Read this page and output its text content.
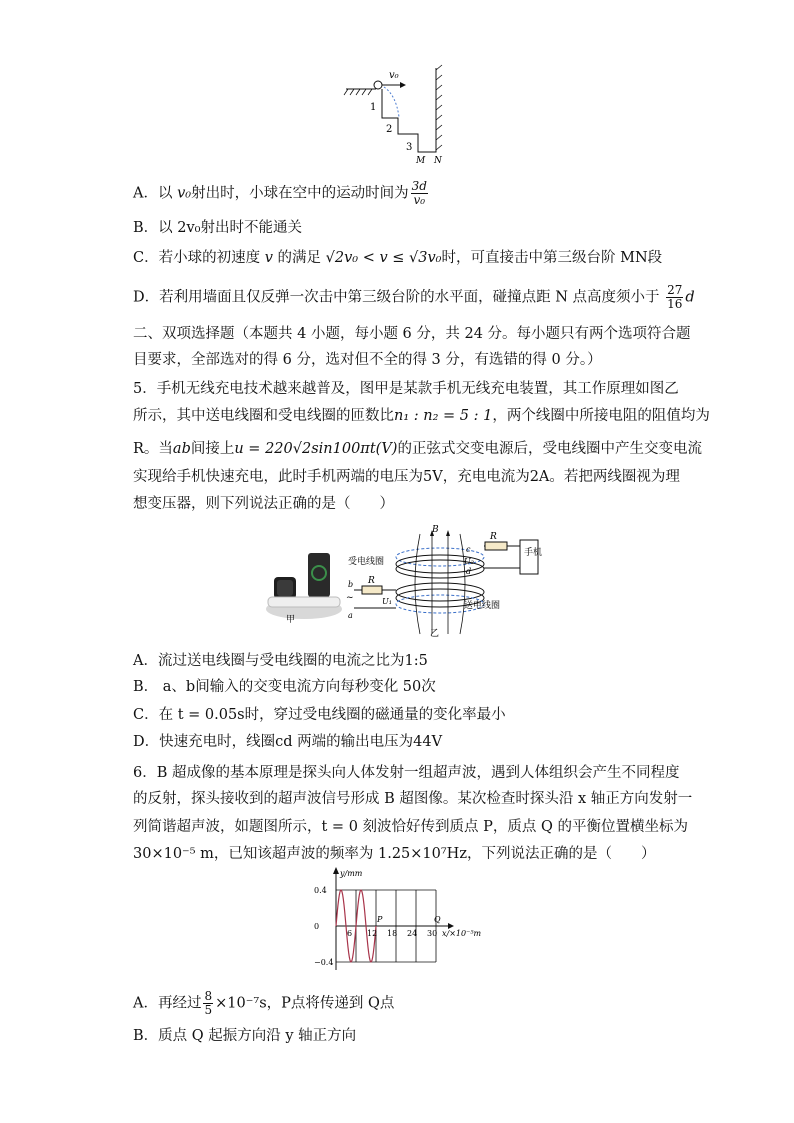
v₀
1
2
3
M N
A．以 v₀射出时，小球在空中的运动时间为 $\frac{3d}{\text{v₀}}$
B．以 2v₀射出时不能通关
C．若小球的初速度 v 的满足 √2v₀ < v ≤ √3v₀时，可直接击中第三级台阶 MN段
D．若利用墙面且仅反弹一次击中第三级台阶的水平面，碰撞点距 N 点高度须小于 $\frac{27}{16}$ d
二、双项选择题（本题共 4 小题，每小题 6 分，共 24 分。每小题只有两个选项符合题
目要求，全部选对的得 6 分，选对但不全的得 3 分，有选错的得 0 分。）
5．手机无线充电技术越来越普及，图甲是某款手机无线充电装置，其工作原理如图乙
所示，其中送电线圈和受电线圈的匝数比n₁ : n₂ = 5 : 1，两个线圈中所接电阻的阻值均为
R。当ab间接上u = 220√2sin100πt(V)的正弦式交变电源后，受电线圈中产生交变电流
实现给手机快速充电，此时手机两端的电压为5V，充电电流为2A。若把两线圈视为理
想变压器，则下列说法正确的是（　　）
甲
B
R
c
d
U₂
手机
受电线圈
R
b
~
a
U₁	送电线圈
乙
A．流过送电线圈与受电线圈的电流之比为1:5
B． a、b间输入的交变电流方向每秒变化 50次
C．在 t = 0.05s时，穿过受电线圈的磁通量的变化率最小
D．快速充电时，线圈cd 两端的输出电压为44V
6．B 超成像的基本原理是探头向人体发射一组超声波，遇到人体组织会产生不同程度
的反射，探头接收到的超声波信号形成 B 超图像。某次检查时探头沿 x 轴正方向发射一
列简谐超声波，如题图所示，t = 0 刻波恰好传到质点 P，质点 Q 的平衡位置横坐标为
30×10⁻⁵ m，已知该超声波的频率为 1.25×10⁷Hz，下列说法正确的是（　　）
6 12 18 24 30
0.4
0
−0.4
y/mm
x/×10⁻⁵m
P	Q
A．再经过 $\frac{8}{5} \times 10^{-7}s$，P点将传递到 Q点
B．质点 Q 起振方向沿 y 轴正方向
